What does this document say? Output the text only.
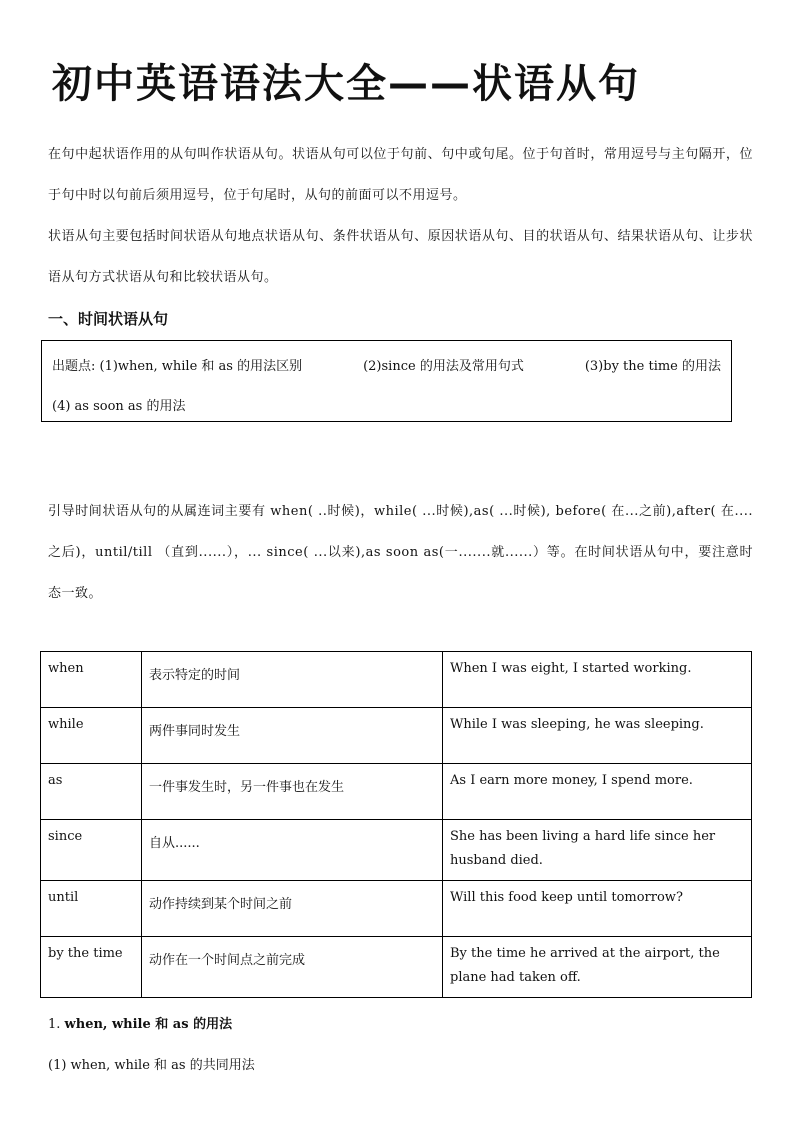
初中英语语法大全——状语从句
在句中起状语作用的从句叫作状语从句。状语从句可以位于句前、句中或句尾。位于句首时，常用逗号与主句隔开，位于句中时以句前后须用逗号，位于句尾时，从句的前面可以不用逗号。
状语从句主要包括时间状语从句地点状语从句、条件状语从句、原因状语从句、目的状语从句、结果状语从句、让步状语从句方式状语从句和比较状语从句。
一、时间状语从句
出题点: (1)when, while 和 as 的用法区别	(2)since 的用法及常用句式	(3)by the time 的用法
(4) as soon as 的用法
引导时间状语从句的从属连词主要有 when( ..时候)，while( ...时候),as( ...时候), before( 在...之前),after( 在....之后)，until/till （直到......），... since( ...以来),as soon as(一.......就......）等。在时间状语从句中，要注意时态一致。
when	表示特定的时间	When I was eight, I started working.
while	两件事同时发生	While I was sleeping, he was sleeping.
as	一件事发生时，另一件事也在发生	As I earn more money, I spend more.
since	自从......	She has been living a hard life since her husband died.
until	动作持续到某个时间之前	Will this food keep until tomorrow?
by the time	动作在一个时间点之前完成	By the time he arrived at the airport, the plane had taken off.
1. when, while 和 as 的用法
(1) when, while 和 as 的共同用法
